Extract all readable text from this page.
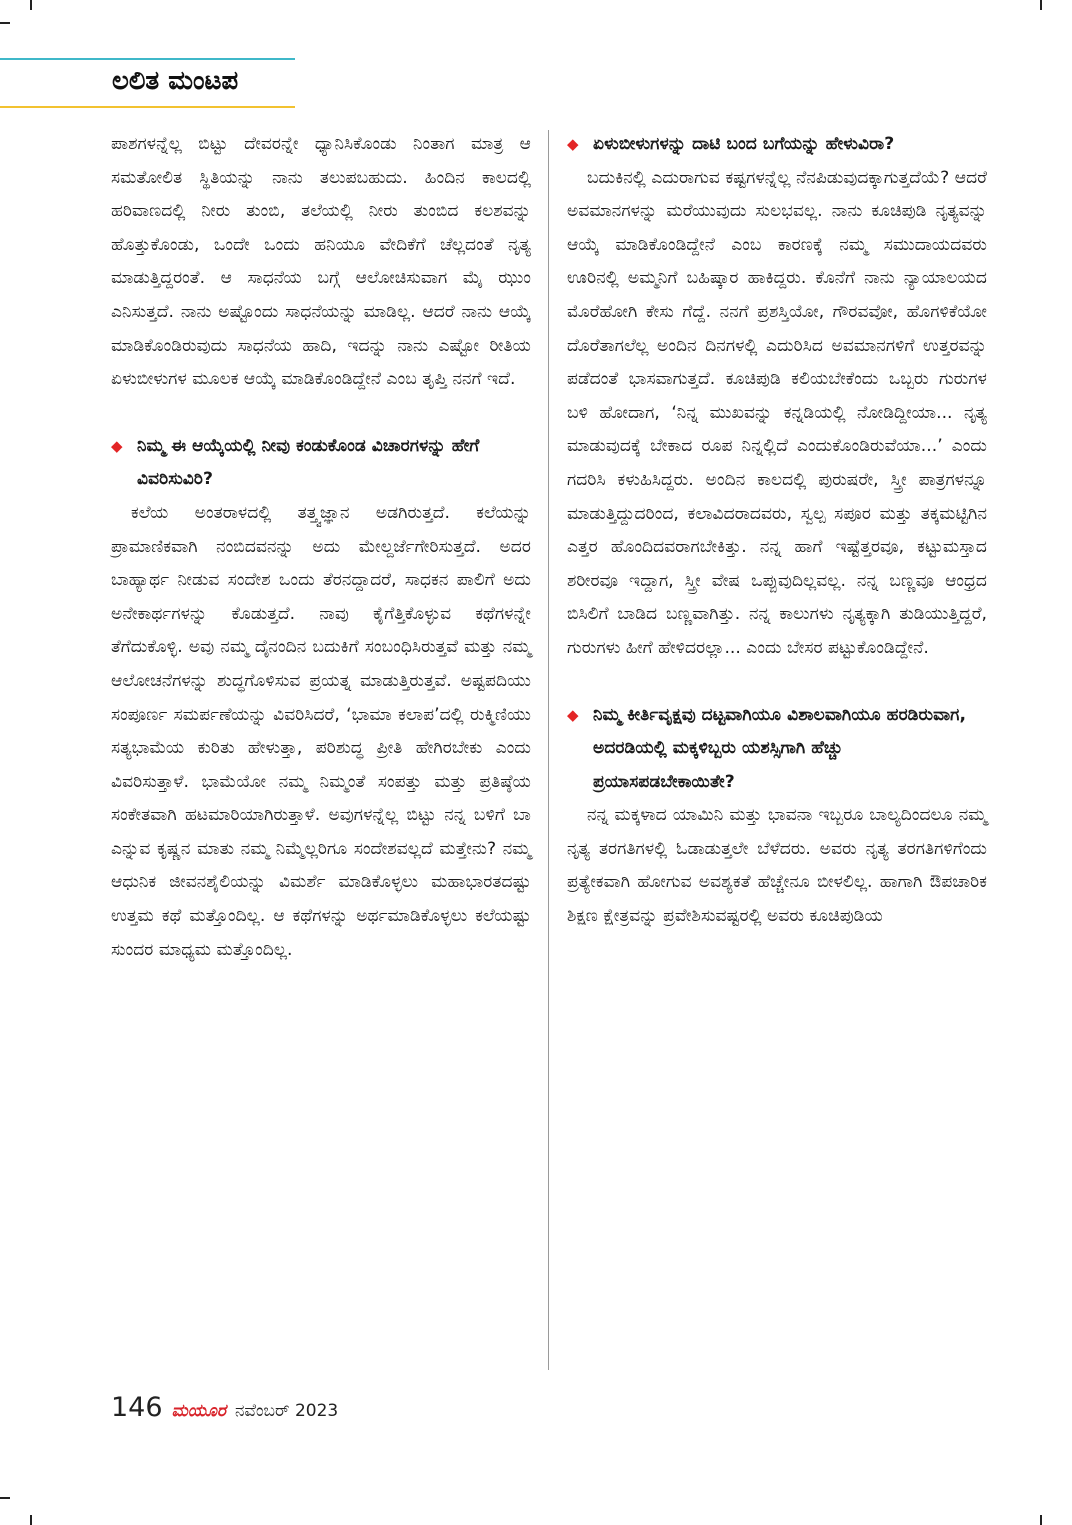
ಲಲಿತ ಮಂಟಪ

ಪಾಶಗಳನ್ನೆಲ್ಲ ಬಿಟ್ಟು ದೇವರನ್ನೇ ಧ್ಯಾನಿಸಿಕೊಂಡು ನಿಂತಾಗ ಮಾತ್ರ ಆ ಸಮತೋಲಿತ ಸ್ಥಿತಿಯನ್ನು ನಾನು ತಲುಪಬಹುದು. ಹಿಂದಿನ ಕಾಲದಲ್ಲಿ ಹರಿವಾಣದಲ್ಲಿ ನೀರು ತುಂಬಿ, ತಲೆಯಲ್ಲಿ ನೀರು ತುಂಬಿದ ಕಲಶವನ್ನು ಹೊತ್ತುಕೊಂಡು, ಒಂದೇ ಒಂದು ಹನಿಯೂ ವೇದಿಕೆಗೆ ಚೆಲ್ಲದಂತೆ ನೃತ್ಯ ಮಾಡುತ್ತಿದ್ದರಂತೆ. ಆ ಸಾಧನೆಯ ಬಗ್ಗೆ ಆಲೋಚಿಸುವಾಗ ಮೈ ಝುಂ ಎನಿಸುತ್ತದೆ. ನಾನು ಅಷ್ಟೊಂದು ಸಾಧನೆಯನ್ನು ಮಾಡಿಲ್ಲ. ಆದರೆ ನಾನು ಆಯ್ಕೆ ಮಾಡಿಕೊಂಡಿರುವುದು ಸಾಧನೆಯ ಹಾದಿ, ಇದನ್ನು ನಾನು ಎಷ್ಟೋ ರೀತಿಯ ಏಳುಬೀಳುಗಳ ಮೂಲಕ ಆಯ್ಕೆ ಮಾಡಿಕೊಂಡಿದ್ದೇನೆ ಎಂಬ ತೃಪ್ತಿ ನನಗೆ ಇದೆ.

◆ ನಿಮ್ಮ ಈ ಆಯ್ಕೆಯಲ್ಲಿ ನೀವು ಕಂಡುಕೊಂಡ ವಿಚಾರಗಳನ್ನು ಹೇಗೆ ವಿವರಿಸುವಿರಿ?

ಕಲೆಯ ಅಂತರಾಳದಲ್ಲಿ ತತ್ತ್ವಜ್ಞಾನ ಅಡಗಿರುತ್ತದೆ. ಕಲೆಯನ್ನು ಪ್ರಾಮಾಣಿಕವಾಗಿ ನಂಬಿದವನನ್ನು ಅದು ಮೇಲ್ದರ್ಜೆಗೇರಿಸುತ್ತದೆ. ಅದರ ಬಾಹ್ಯಾರ್ಥ ನೀಡುವ ಸಂದೇಶ ಒಂದು ತೆರನದ್ದಾದರೆ, ಸಾಧಕನ ಪಾಲಿಗೆ ಅದು ಅನೇಕಾರ್ಥಗಳನ್ನು ಕೊಡುತ್ತದೆ. ನಾವು ಕೈಗೆತ್ತಿಕೊಳ್ಳುವ ಕಥೆಗಳನ್ನೇ ತೆಗೆದುಕೊಳ್ಳಿ. ಅವು ನಮ್ಮ ದೈನಂದಿನ ಬದುಕಿಗೆ ಸಂಬಂಧಿಸಿರುತ್ತವೆ ಮತ್ತು ನಮ್ಮ ಆಲೋಚನೆಗಳನ್ನು ಶುದ್ಧಗೊಳಿಸುವ ಪ್ರಯತ್ನ ಮಾಡುತ್ತಿರುತ್ತವೆ. ಅಷ್ಟಪದಿಯು ಸಂಪೂರ್ಣ ಸಮರ್ಪಣೆಯನ್ನು ವಿವರಿಸಿದರೆ, ‘ಭಾಮಾ ಕಲಾಪ’ದಲ್ಲಿ ರುಕ್ಮಿಣಿಯು ಸತ್ಯಭಾಮೆಯ ಕುರಿತು ಹೇಳುತ್ತಾ, ಪರಿಶುದ್ಧ ಪ್ರೀತಿ ಹೇಗಿರಬೇಕು ಎಂದು ವಿವರಿಸುತ್ತಾಳೆ. ಭಾಮೆಯೋ ನಮ್ಮ ನಿಮ್ಮಂತೆ ಸಂಪತ್ತು ಮತ್ತು ಪ್ರತಿಷ್ಠೆಯ ಸಂಕೇತವಾಗಿ ಹಟಮಾರಿಯಾಗಿರುತ್ತಾಳೆ. ಅವುಗಳನ್ನೆಲ್ಲ ಬಿಟ್ಟು ನನ್ನ ಬಳಿಗೆ ಬಾ ಎನ್ನುವ ಕೃಷ್ಣನ ಮಾತು ನಮ್ಮ ನಿಮ್ಮೆಲ್ಲರಿಗೂ ಸಂದೇಶವಲ್ಲದೆ ಮತ್ತೇನು? ನಮ್ಮ ಆಧುನಿಕ ಜೀವನಶೈಲಿಯನ್ನು ವಿಮರ್ಶೆ ಮಾಡಿಕೊಳ್ಳಲು ಮಹಾಭಾರತದಷ್ಟು ಉತ್ತಮ ಕಥೆ ಮತ್ತೊಂದಿಲ್ಲ. ಆ ಕಥೆಗಳನ್ನು ಅರ್ಥಮಾಡಿಕೊಳ್ಳಲು ಕಲೆಯಷ್ಟು ಸುಂದರ ಮಾಧ್ಯಮ ಮತ್ತೊಂದಿಲ್ಲ.

◆ ಏಳುಬೀಳುಗಳನ್ನು ದಾಟಿ ಬಂದ ಬಗೆಯನ್ನು ಹೇಳುವಿರಾ?

ಬದುಕಿನಲ್ಲಿ ಎದುರಾಗುವ ಕಷ್ಟಗಳನ್ನೆಲ್ಲ ನೆನಪಿಡುವುದಕ್ಕಾಗುತ್ತದೆಯೆ? ಆದರೆ ಅವಮಾನಗಳನ್ನು ಮರೆಯುವುದು ಸುಲಭವಲ್ಲ. ನಾನು ಕೂಚಿಪುಡಿ ನೃತ್ಯವನ್ನು ಆಯ್ಕೆ ಮಾಡಿಕೊಂಡಿದ್ದೇನೆ ಎಂಬ ಕಾರಣಕ್ಕೆ ನಮ್ಮ ಸಮುದಾಯದವರು ಊರಿನಲ್ಲಿ ಅಮ್ಮನಿಗೆ ಬಹಿಷ್ಕಾರ ಹಾಕಿದ್ದರು. ಕೊನೆಗೆ ನಾನು ನ್ಯಾಯಾಲಯದ ಮೊರೆಹೋಗಿ ಕೇಸು ಗೆದ್ದೆ. ನನಗೆ ಪ್ರಶಸ್ತಿಯೋ, ಗೌರವವೋ, ಹೊಗಳಿಕೆಯೋ ದೊರೆತಾಗಲೆಲ್ಲ ಅಂದಿನ ದಿನಗಳಲ್ಲಿ ಎದುರಿಸಿದ ಅವಮಾನಗಳಿಗೆ ಉತ್ತರವನ್ನು ಪಡೆದಂತೆ ಭಾಸವಾಗುತ್ತದೆ. ಕೂಚಿಪುಡಿ ಕಲಿಯಬೇಕೆಂದು ಒಬ್ಬರು ಗುರುಗಳ ಬಳಿ ಹೋದಾಗ, ‘ನಿನ್ನ ಮುಖವನ್ನು ಕನ್ನಡಿಯಲ್ಲಿ ನೋಡಿದ್ದೀಯಾ... ನೃತ್ಯ ಮಾಡುವುದಕ್ಕೆ ಬೇಕಾದ ರೂಪ ನಿನ್ನಲ್ಲಿದೆ ಎಂದುಕೊಂಡಿರುವೆಯಾ...’ ಎಂದು ಗದರಿಸಿ ಕಳುಹಿಸಿದ್ದರು. ಅಂದಿನ ಕಾಲದಲ್ಲಿ ಪುರುಷರೇ, ಸ್ತ್ರೀ ಪಾತ್ರಗಳನ್ನೂ ಮಾಡುತ್ತಿದ್ದುದರಿಂದ, ಕಲಾವಿದರಾದವರು, ಸ್ವಲ್ಪ ಸಪೂರ ಮತ್ತು ತಕ್ಕಮಟ್ಟಿಗಿನ ಎತ್ತರ ಹೊಂದಿದವರಾಗಬೇಕಿತ್ತು. ನನ್ನ ಹಾಗೆ ಇಷ್ಟೆತ್ತರವೂ, ಕಟ್ಟುಮಸ್ತಾದ ಶರೀರವೂ ಇದ್ದಾಗ, ಸ್ತ್ರೀ ವೇಷ ಒಪ್ಪುವುದಿಲ್ಲವಲ್ಲ. ನನ್ನ ಬಣ್ಣವೂ ಆಂಧ್ರದ ಬಿಸಿಲಿಗೆ ಬಾಡಿದ ಬಣ್ಣವಾಗಿತ್ತು. ನನ್ನ ಕಾಲುಗಳು ನೃತ್ಯಕ್ಕಾಗಿ ತುಡಿಯುತ್ತಿದ್ದರೆ, ಗುರುಗಳು ಹೀಗೆ ಹೇಳಿದರಲ್ಲಾ... ಎಂದು ಬೇಸರ ಪಟ್ಟುಕೊಂಡಿದ್ದೇನೆ.

◆ ನಿಮ್ಮ ಕೀರ್ತಿವೃಕ್ಷವು ದಟ್ಟವಾಗಿಯೂ ವಿಶಾಲವಾಗಿಯೂ ಹರಡಿರುವಾಗ, ಅದರಡಿಯಲ್ಲಿ ಮಕ್ಕಳಿಬ್ಬರು ಯಶಸ್ಸಿಗಾಗಿ ಹೆಚ್ಚು ಪ್ರಯಾಸಪಡಬೇಕಾಯಿತೇ?

ನನ್ನ ಮಕ್ಕಳಾದ ಯಾಮಿನಿ ಮತ್ತು ಭಾವನಾ ಇಬ್ಬರೂ ಬಾಲ್ಯದಿಂದಲೂ ನಮ್ಮ ನೃತ್ಯ ತರಗತಿಗಳಲ್ಲಿ ಓಡಾಡುತ್ತಲೇ ಬೆಳೆದರು. ಅವರು ನೃತ್ಯ ತರಗತಿಗಳಿಗೆಂದು ಪ್ರತ್ಯೇಕವಾಗಿ ಹೋಗುವ ಅವಶ್ಯಕತೆ ಹೆಚ್ಚೇನೂ ಬೀಳಲಿಲ್ಲ. ಹಾಗಾಗಿ ಔಪಚಾರಿಕ ಶಿಕ್ಷಣ ಕ್ಷೇತ್ರವನ್ನು ಪ್ರವೇಶಿಸುವಷ್ಟರಲ್ಲಿ ಅವರು ಕೂಚಿಪುಡಿಯ

146 ಮಯೂರ ನವೆಂಬರ್ 2023
